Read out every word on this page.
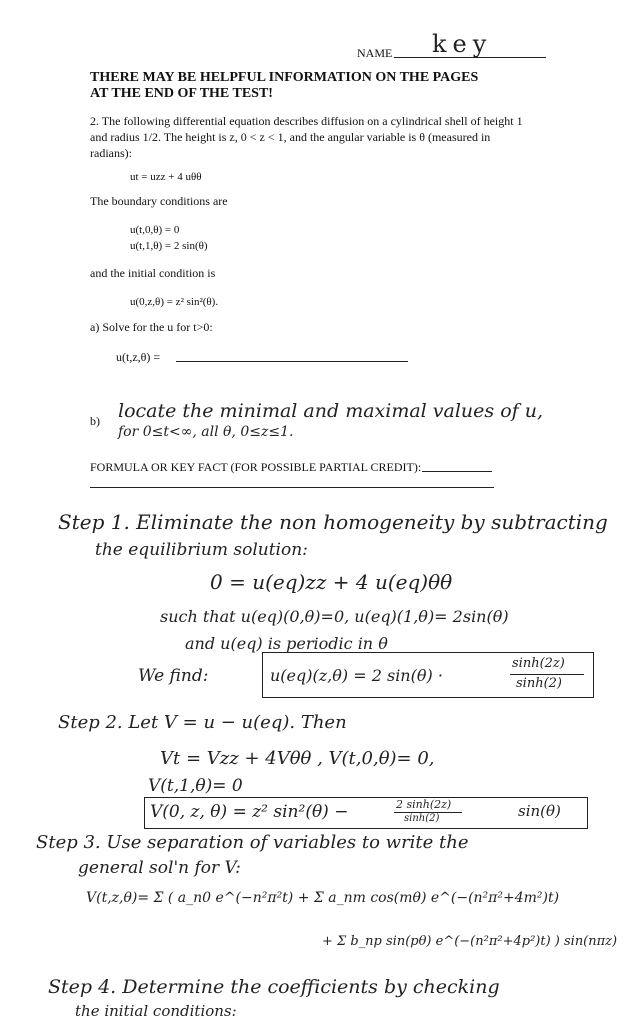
NAME key
THERE MAY BE HELPFUL INFORMATION ON THE PAGES
AT THE END OF THE TEST!
2. The following differential equation describes diffusion on a cylindrical shell of height 1
and radius 1/2. The height is z, 0 < z < 1, and the angular variable is θ (measured in
radians):
ut = uzz + 4 uθθ
The boundary conditions are
u(t,0,θ) = 0
u(t,1,θ) = 2 sin(θ)
and the initial condition is
u(0,z,θ) = z² sin²(θ).
a) Solve for the u for t>0:
u(t,z,θ) =
b) locate the minimal and maximal values of u,
for 0≤t<∞, all θ, 0≤z≤1.
FORMULA OR KEY FACT (FOR POSSIBLE PARTIAL CREDIT):
Step 1. Eliminate the non homogeneity by subtracting
the equilibrium solution:
0 = u(eq)zz + 4 u(eq)θθ
such that u(eq)(0,θ)=0, u(eq)(1,θ)= 2sin(θ)
and u(eq) is periodic in θ
We find:	u(eq)(z,θ) = 2 sin(θ) ·
sinh(2z)
sinh(2)
Step 2. Let V = u − u(eq). Then
Vt = Vzz + 4Vθθ , V(t,0,θ)= 0,
V(t,1,θ)= 0
V(0, z, θ) = z² sin²(θ) −	2 sinh(2z)
sinh(2)	sin(θ)
Step 3. Use separation of variables to write the
general sol'n for V:
V(t,z,θ)= Σ ( a_n0 e^(−n²π²t) + Σ a_nm cos(mθ) e^(−(n²π²+4m²)t)
+ Σ b_np sin(pθ) e^(−(n²π²+4p²)t) ) sin(nπz)
Step 4. Determine the coefficients by checking
the initial conditions:
